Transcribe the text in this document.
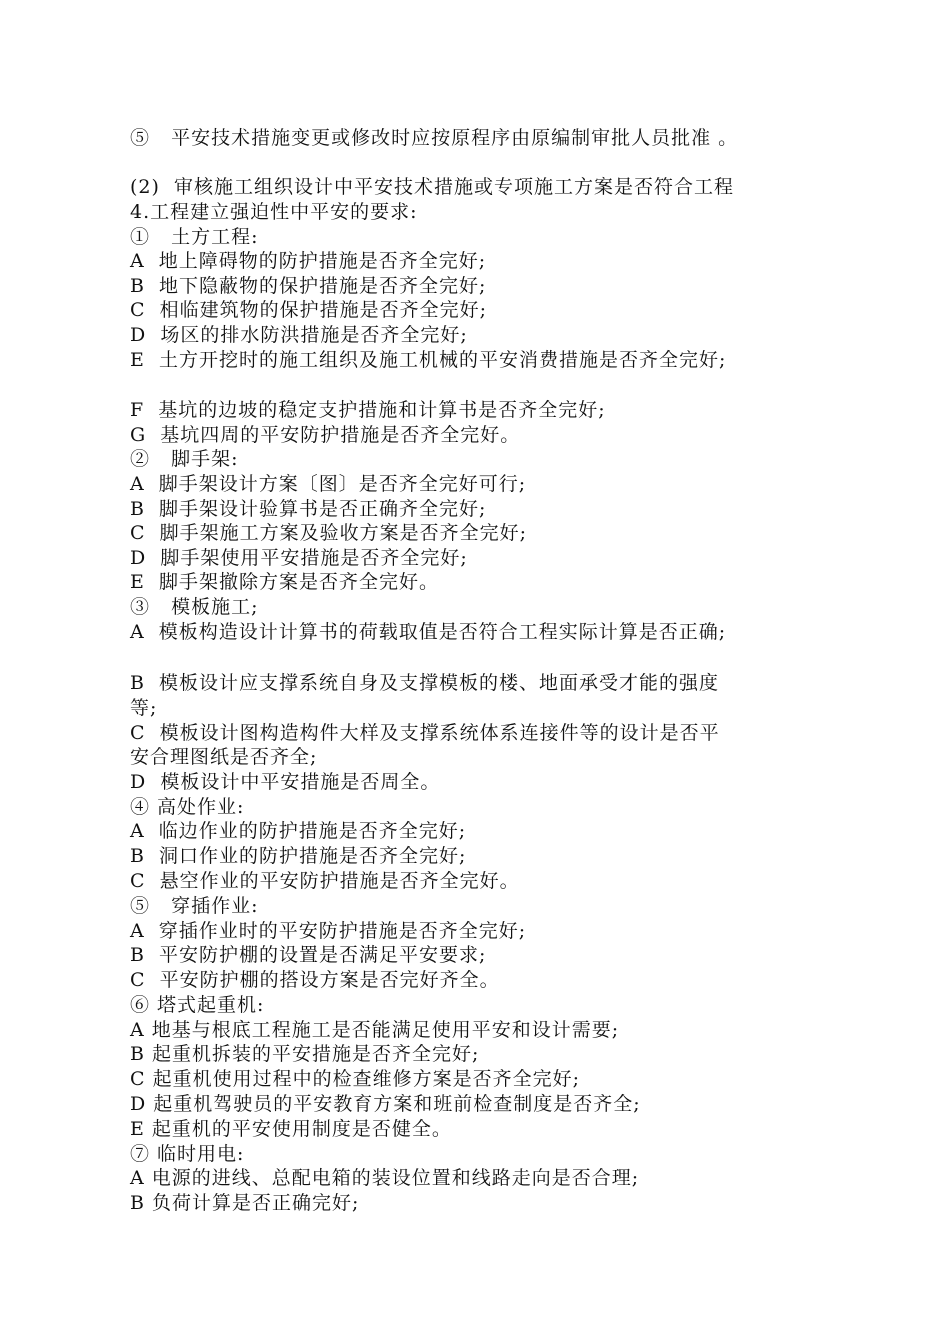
⑤   平安技术措施变更或修改时应按原程序由原编制审批人员批准 。
(2)  审核施工组织设计中平安技术措施或专项施工方案是否符合工程
4.工程建立强迫性中平安的要求:
①   土方工程:
A  地上障碍物的防护措施是否齐全完好;
B  地下隐蔽物的保护措施是否齐全完好;
C  相临建筑物的保护措施是否齐全完好;
D  场区的排水防洪措施是否齐全完好;
E  土方开挖时的施工组织及施工机械的平安消费措施是否齐全完好;
F  基坑的边坡的稳定支护措施和计算书是否齐全完好;
G  基坑四周的平安防护措施是否齐全完好。
②   脚手架:
A  脚手架设计方案〔图〕是否齐全完好可行;
B  脚手架设计验算书是否正确齐全完好;
C  脚手架施工方案及验收方案是否齐全完好;
D  脚手架使用平安措施是否齐全完好;
E  脚手架撤除方案是否齐全完好。
③   模板施工;
A  模板构造设计计算书的荷载取值是否符合工程实际计算是否正确;
B  模板设计应支撑系统自身及支撑模板的楼、地面承受才能的强度
等;
C  模板设计图构造构件大样及支撑系统体系连接件等的设计是否平
安合理图纸是否齐全;
D  模板设计中平安措施是否周全。
④ 高处作业:
A  临边作业的防护措施是否齐全完好;
B  洞口作业的防护措施是否齐全完好;
C  悬空作业的平安防护措施是否齐全完好。
⑤   穿插作业:
A  穿插作业时的平安防护措施是否齐全完好;
B  平安防护棚的设置是否满足平安要求;
C  平安防护棚的搭设方案是否完好齐全。
⑥ 塔式起重机:
A 地基与根底工程施工是否能满足使用平安和设计需要;
B 起重机拆装的平安措施是否齐全完好;
C 起重机使用过程中的检查维修方案是否齐全完好;
D 起重机驾驶员的平安教育方案和班前检查制度是否齐全;
E 起重机的平安使用制度是否健全。
⑦ 临时用电:
A 电源的进线、总配电箱的装设位置和线路走向是否合理;
B 负荷计算是否正确完好;
